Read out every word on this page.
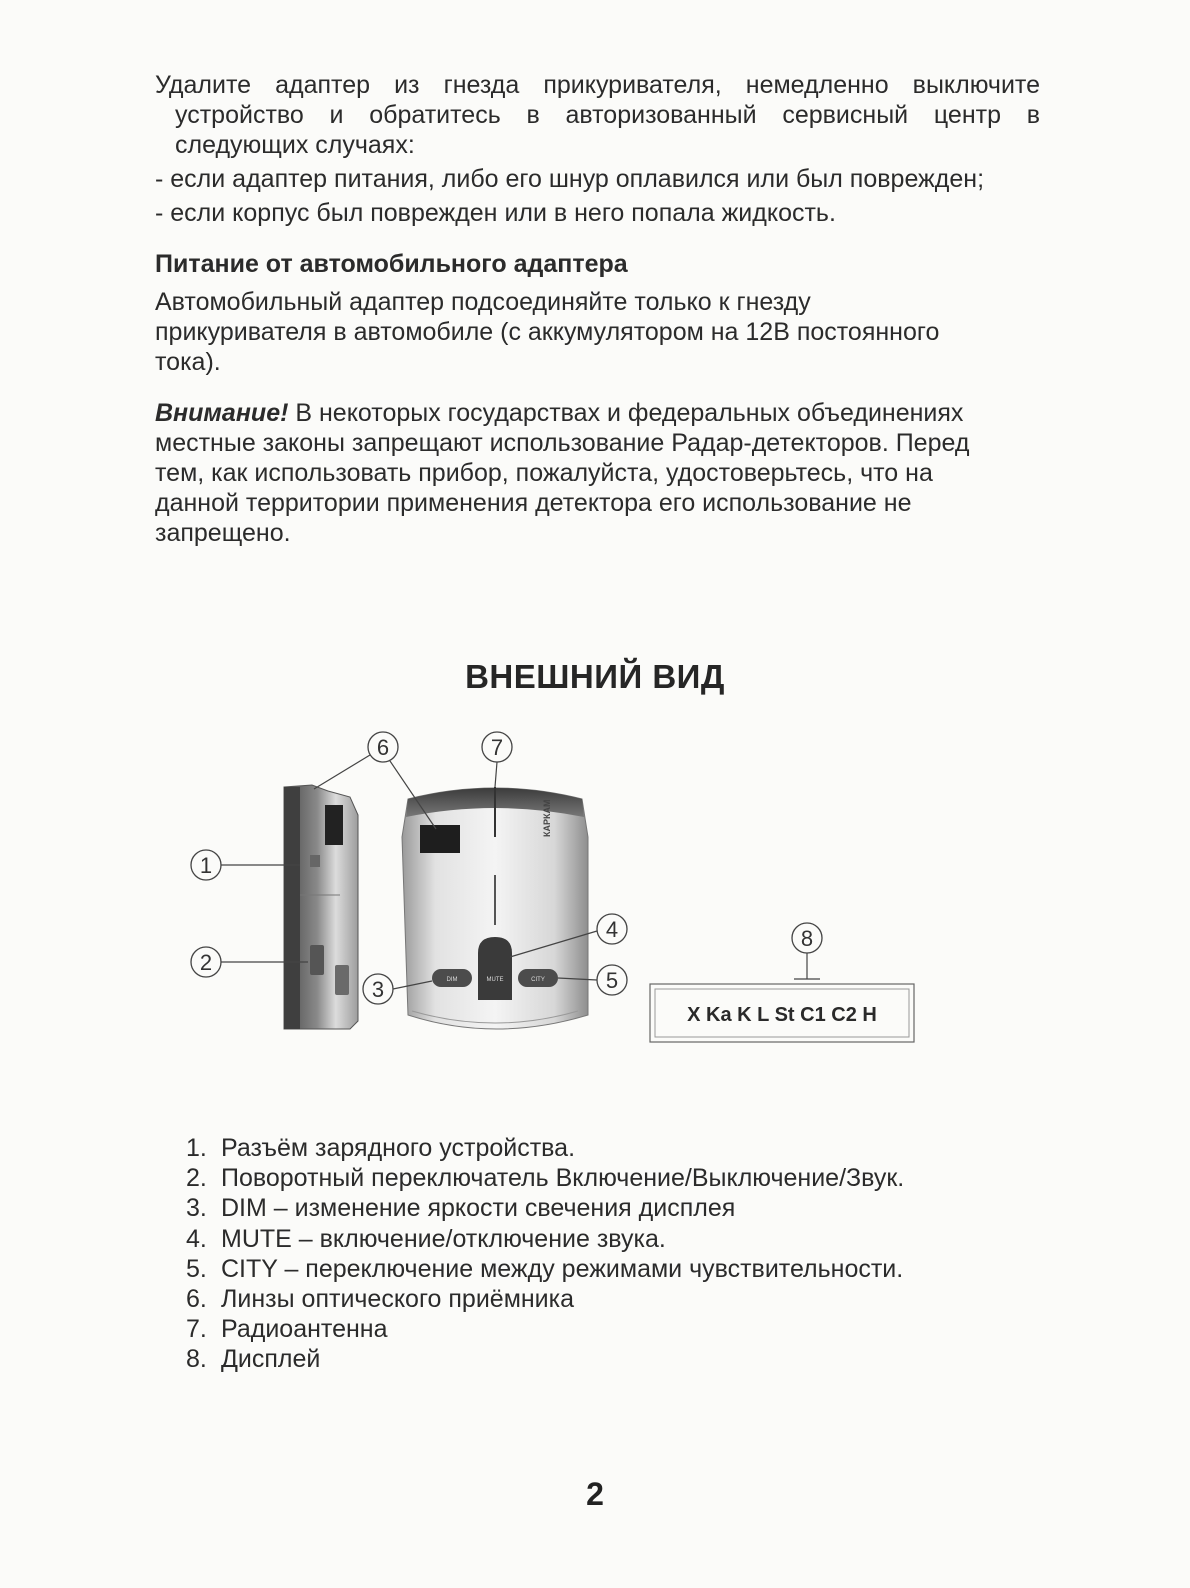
Удалите адаптер из гнезда прикуривателя, немедленно выключите
устройство и обратитесь в авторизованный сервисный центр в
следующих случаях:

- если адаптер питания, либо его шнур оплавился или был поврежден;

- если корпус был поврежден или в него попала жидкость.

Питание от автомобильного адаптера
Автомобильный адаптер подсоединяйте только к гнезду
прикуривателя в автомобиле (с аккумулятором на 12В постоянного
тока).
Внимание! В некоторых государствах и федеральных объединениях
местные законы запрещают использование Радар-детекторов. Перед
тем, как использовать прибор, пожалуйста, удостоверьтесь, что на
данной территории применения детектора его использование не
запрещено.
ВНЕШНИЙ ВИД
КАРКАМ
DIM	MUTE	CITY
X Ka K L St C1 C2 H
1
2
3
4
5
6	7
8
1. Разъём зарядного устройства.
2. Поворотный переключатель Включение/Выключение/Звук.
3. DIM – изменение яркости свечения дисплея
4. MUTE – включение/отключение звука.
5. CITY – переключение между режимами чувствительности.
6. Линзы оптического приёмника
7. Радиоантенна
8. Дисплей
2
